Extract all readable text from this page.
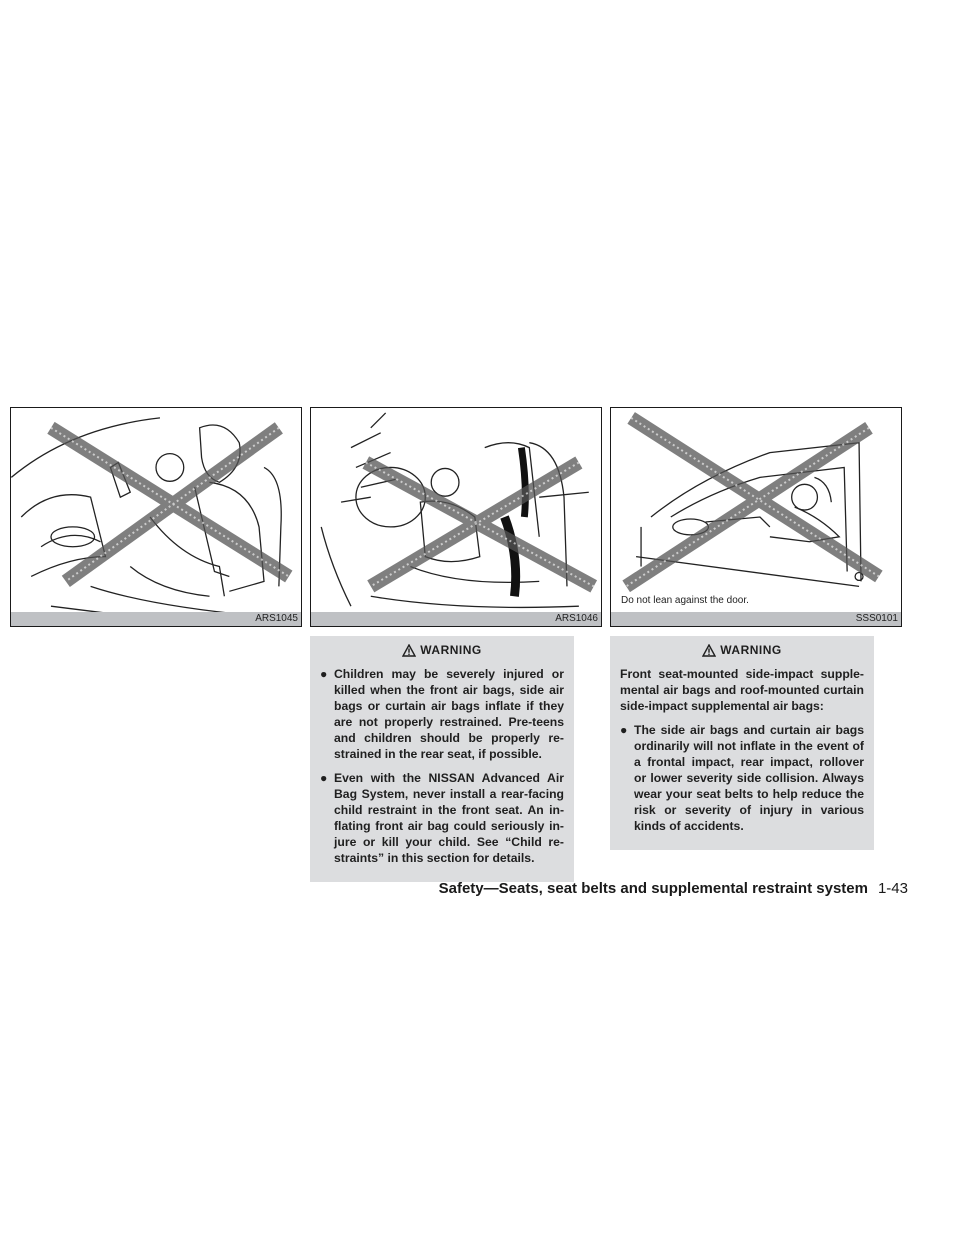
ARS1045	ARS1046
Do not lean against the door.
SSS0101
WARNING
● Children may be severely injured or killed when the front air bags, side air bags or curtain air bags inflate if they are not properly restrained. Pre-teens and children should be properly re-strained in the rear seat, if possible.
● Even with the NISSAN Advanced Air Bag System, never install a rear-facing child restraint in the front seat. An in-flating front air bag could seriously in-jure or kill your child. See “Child re-straints” in this section for details.
WARNING
Front seat-mounted side-impact supple-mental air bags and roof-mounted curtain side-impact supplemental air bags:
● The side air bags and curtain air bags ordinarily will not inflate in the event of a frontal impact, rear impact, rollover or lower severity side collision. Always wear your seat belts to help reduce the risk or severity of injury in various kinds of accidents.
Safety—Seats, seat belts and supplemental restraint system 1-43
